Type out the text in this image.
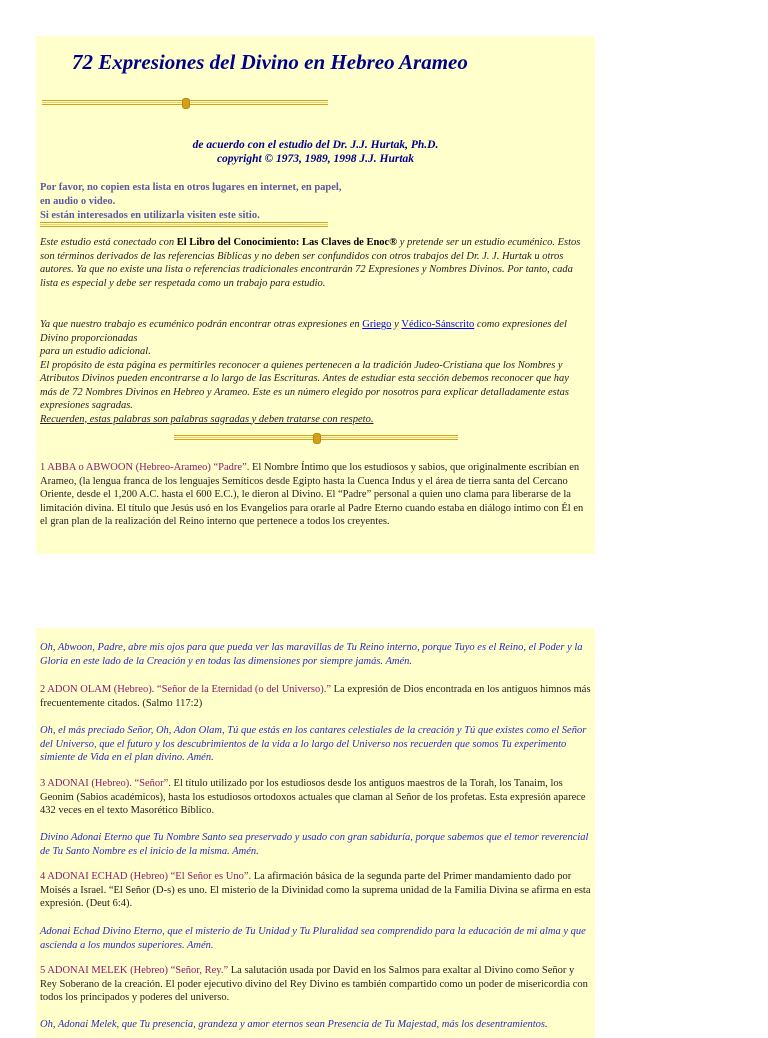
72 Expresiones del Divino en Hebreo Arameo

de acuerdo con el estudio del Dr. J.J. Hurtak, Ph.D.

copyright © 1973, 1989, 1998 J.J. Hurtak

Por favor, no copien esta lista en otros lugares en internet, en papel,

en audio o video.

Si están interesados en utilizarla visiten este sitio.

Este estudio está conectado con El Libro del Conocimiento: Las Claves de Enoc® y pretende ser un estudio ecuménico. Estos son términos derivados de las referencias Bíblicas y no deben ser confundidos con otros trabajos del Dr. J. J. Hurtak u otros autores. Ya que no existe una lista o referencias tradicionales encontrarán 72 Expresiones y Nombres Divinos. Por tanto, cada lista es especial y debe ser respetada como un trabajo para estudio.

Ya que nuestro trabajo es ecuménico podrán encontrar otras expresiones en Griego y Védico-Sánscrito como expresiones del Divino proporcionadas
para un estudio adicional.
El propósito de esta página es permitirles reconocer a quienes pertenecen a la tradición Judeo-Cristiana que los Nombres y Atributos Divinos pueden encontrarse a lo largo de las Escrituras. Antes de estudiar esta sección debemos reconocer que hay más de 72 Nombres Divinos en Hebreo y Arameo. Este es un número elegido por nosotros para explicar detalladamente estas expresiones sagradas.
Recuerden, estas palabras son palabras sagradas y deben tratarse con respeto.

1 ABBA o ABWOON (Hebreo-Arameo) “Padre”. El Nombre Íntimo que los estudiosos y sabios, que originalmente escribían en Arameo, (la lengua franca de los lenguajes Semíticos desde Egipto hasta la Cuenca Indus y el área de tierra santa del Cercano Oriente, desde el 1,200 A.C. hasta el 600 E.C.), le dieron al Divino. El “Padre” personal a quien uno clama para liberarse de la limitación divina. El título que Jesús usó en los Evangelios para orarle al Padre Eterno cuando estaba en diálogo íntimo con Él en el gran plan de la realización del Reino interno que pertenece a todos los creyentes.

Oh, Abwoon, Padre, abre mis ojos para que pueda ver las maravillas de Tu Reino interno, porque Tuyo es el Reino, el Poder y la Gloria en este lado de la Creación y en todas las dimensiones por siempre jamás. Amén.

2 ADON OLAM (Hebreo). “Señor de la Eternidad (o del Universo).” La expresión de Dios encontrada en los antiguos himnos más frecuentemente citados. (Salmo 117:2)

Oh, el más preciado Señor, Oh, Adon Olam, Tú que estás en los cantares celestiales de la creación y Tú que existes como el Señor del Universo, que el futuro y los descubrimientos de la vida a lo largo del Universo nos recuerden que somos Tu experimento simiente de Vida en el plan divino. Amén.

3 ADONAI (Hebreo). “Señor”. El título utilizado por los estudiosos desde los antiguos maestros de la Torah, los Tanaim, los Geonim (Sabios académicos), hasta los estudiosos ortodoxos actuales que claman al Señor de los profetas. Esta expresión aparece 432 veces en el texto Masorético Bíblico.

Divino Adonai Eterno que Tu Nombre Santo sea preservado y usado con gran sabiduría, porque sabemos que el temor reverencial de Tu Santo Nombre es el inicio de la misma. Amén.

4 ADONAI ECHAD (Hebreo) “El Señor es Uno”. La afirmación básica de la segunda parte del Primer mandamiento dado por Moisés a Israel. “El Señor (D-s) es uno. El misterio de la Divinidad como la suprema unidad de la Familia Divina se afirma en esta expresión. (Deut 6:4).

Adonai Echad Divino Eterno, que el misterio de Tu Unidad y Tu Pluralidad sea comprendido para la educación de mi alma y que ascienda a los mundos superiores. Amén.

5 ADONAI MELEK (Hebreo) “Señor, Rey.” La salutación usada por David en los Salmos para exaltar al Divino como Señor y Rey Soberano de la creación. El poder ejecutivo divino del Rey Divino es también compartido como un poder de misericordia con todos los principados y poderes del universo.

Oh, Adonai Melek, que Tu presencia, grandeza y amor eternos sean Presencia de Tu Majestad, más los desentramientos.
